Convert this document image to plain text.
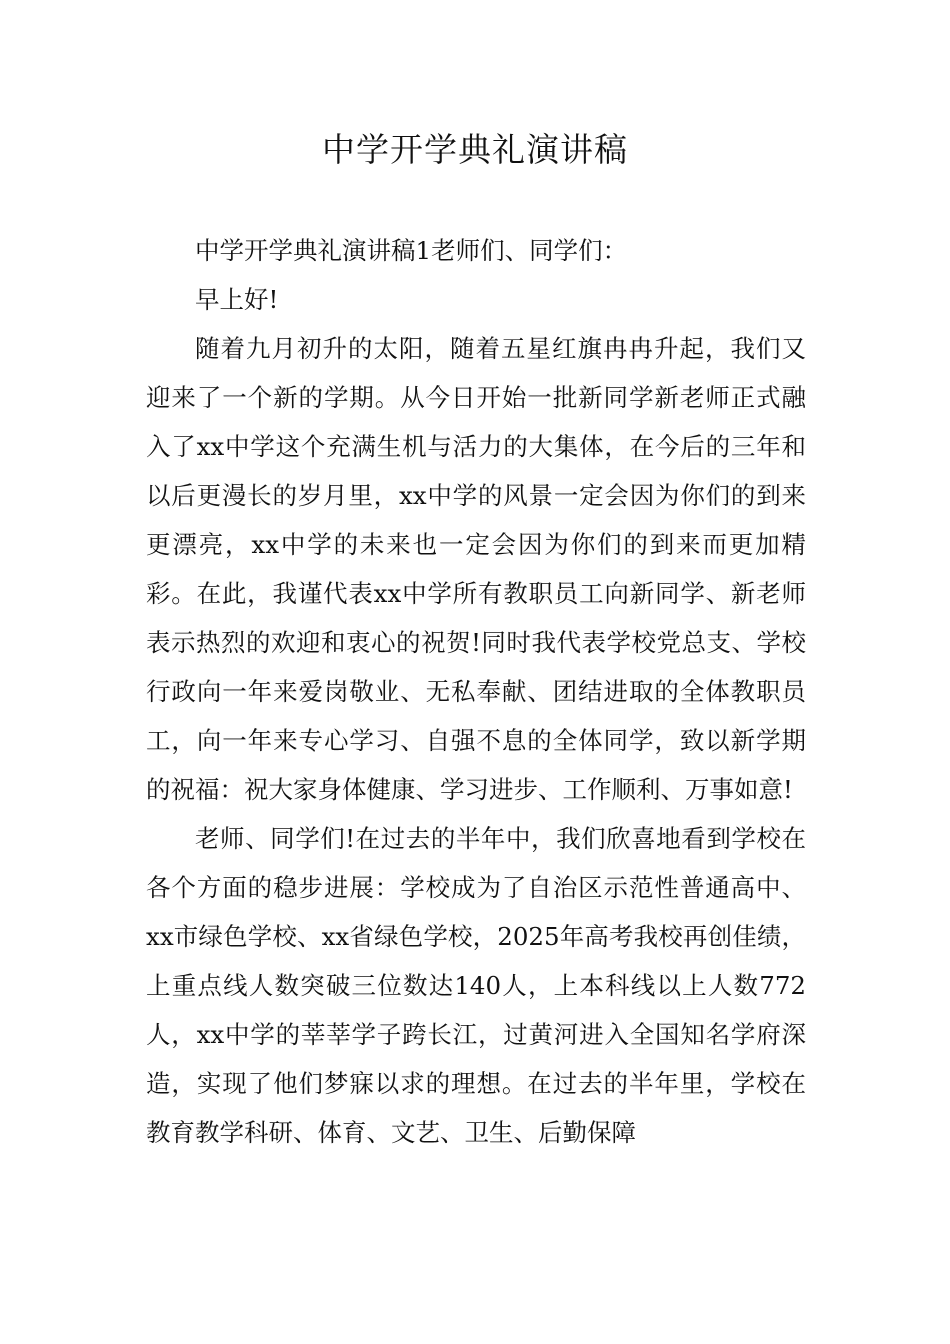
中学开学典礼演讲稿

中学开学典礼演讲稿1老师们、同学们：

早上好!

随着九月初升的太阳，随着五星红旗冉冉升起，我们又迎来了一个新的学期。从今日开始一批新同学新老师正式融入了xx中学这个充满生机与活力的大集体，在今后的三年和以后更漫长的岁月里，xx中学的风景一定会因为你们的到来更漂亮，xx中学的未来也一定会因为你们的到来而更加精彩。在此，我谨代表xx中学所有教职员工向新同学、新老师表示热烈的欢迎和衷心的祝贺!同时我代表学校党总支、学校行政向一年来爱岗敬业、无私奉献、团结进取的全体教职员工，向一年来专心学习、自强不息的全体同学，致以新学期的祝福：祝大家身体健康、学习进步、工作顺利、万事如意!

老师、同学们!在过去的半年中，我们欣喜地看到学校在各个方面的稳步进展：学校成为了自治区示范性普通高中、xx市绿色学校、xx省绿色学校，2025年高考我校再创佳绩，上重点线人数突破三位数达140人，上本科线以上人数772人，xx中学的莘莘学子跨长江，过黄河进入全国知名学府深造，实现了他们梦寐以求的理想。在过去的半年里，学校在教育教学科研、体育、文艺、卫生、后勤保障
